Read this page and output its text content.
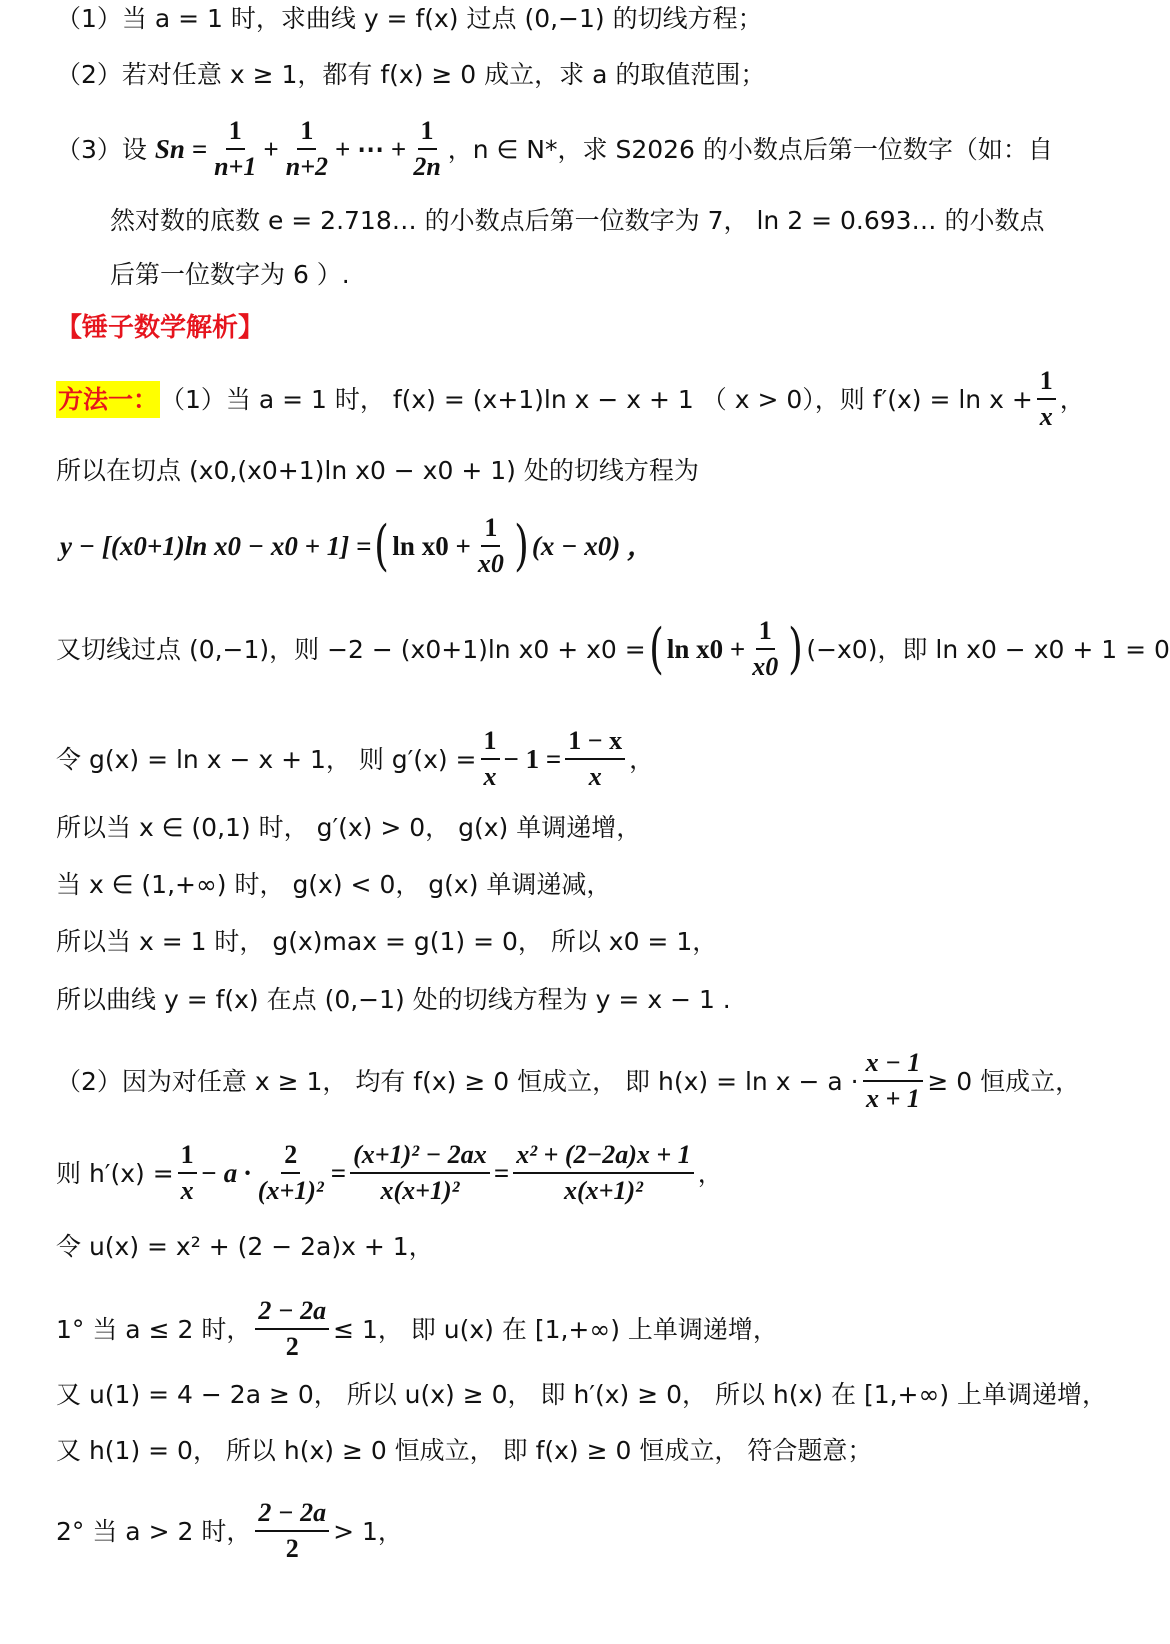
（1）当 a = 1 时，求曲线 y = f(x) 过点 (0,−1) 的切线方程；
（2）若对任意 x ≥ 1，都有 f(x) ≥ 0 成立，求 a 的取值范围；
（3）设 $Sn = \frac{1}{n+1} + \frac{1}{n+2}$ + ⋯ + $\frac{1}{2n}$ ，n ∈ N*，求 S2026 的小数点后第一位数字（如：自
然对数的底数 e = 2.718… 的小数点后第一位数字为 7， ln 2 = 0.693… 的小数点
后第一位数字为 6 ）.
【锤子数学解析】
方法一： （1）当 a = 1 时， f(x) = (x+1)ln x − x + 1 （ x > 0），则 $f'(x) = \ln x + \frac{1}{x}$ ，
所以在切点 (x0,(x0+1)ln x0 − x0 + 1) 处的切线方程为
y − [(x0+1)ln x0 − x0 + 1] = ( $\ln x0 + \frac{1}{x0}$ ) (x − x0) ，
又切线过点 (0,−1)，则 −2 − (x0+1)ln x0 + x0 = ( $\ln x0 + \frac{1}{x0}$ ) (−x0)，即 ln x0 − x0 + 1 = 0
令 g(x) = ln x − x + 1， 则 $g'(x) = \frac{1}{x} - 1 = \frac{1 - x}{x}$ ，
所以当 x ∈ (0,1) 时， g′(x) > 0， g(x) 单调递增，
当 x ∈ (1,+∞) 时， g(x) < 0， g(x) 单调递减，
所以当 x = 1 时， g(x)max = g(1) = 0， 所以 x0 = 1，
所以曲线 y = f(x) 在点 (0,−1) 处的切线方程为 y = x − 1 .
（2）因为对任意 x ≥ 1， 均有 f(x) ≥ 0 恒成立， 即 $h(x) = \ln x - a \cdot \frac{x - 1}{x + 1} \ge 0$ 恒成立，
则 $h'(x) = \frac{1}{x} - a \cdot \frac{2}{\text{(x+1)²}} = \frac{\text{(x+1)² − 2ax}}{\text{x(x+1)²}} = \frac{\text{x² + (2−2a)x + 1}}{\text{x(x+1)²}}$ ，
令 u(x) = x² + (2 − 2a)x + 1，
1° 当 a ≤ 2 时， $\frac{2 - 2a}{2} \le 1$， 即 u(x) 在 [1,+∞) 上单调递增，
又 u(1) = 4 − 2a ≥ 0， 所以 u(x) ≥ 0， 即 h′(x) ≥ 0， 所以 h(x) 在 [1,+∞) 上单调递增，
又 h(1) = 0， 所以 h(x) ≥ 0 恒成立， 即 f(x) ≥ 0 恒成立， 符合题意；
2° 当 a > 2 时， $\frac{2 - 2a}{2} > 1$，
